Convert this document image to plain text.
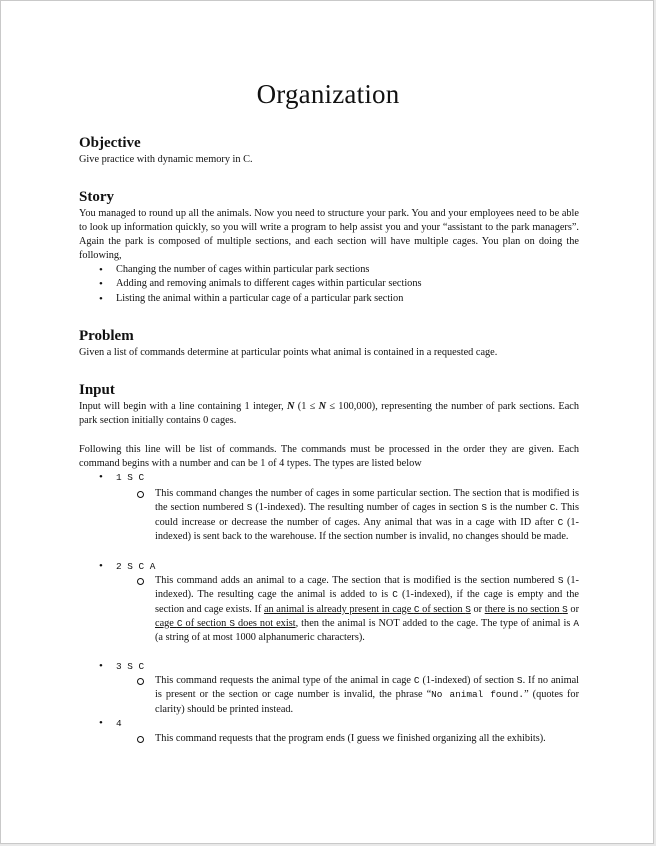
Organization
Objective
Give practice with dynamic memory in C.
Story
You managed to round up all the animals. Now you need to structure your park. You and your employees need to be able to look up information quickly, so you will write a program to help assist you and your “assistant to the park managers”. Again the park is composed of multiple sections, and each section will have multiple cages. You plan on doing the following,
• Changing the number of cages within particular park sections
• Adding and removing animals to different cages within particular sections
• Listing the animal within a particular cage of a particular park section
Problem
Given a list of commands determine at particular points what animal is contained in a requested cage.
Input
Input will begin with a line containing 1 integer, N (1 ≤ N ≤ 100,000), representing the number of park sections. Each park section initially contains 0 cages.
Following this line will be list of commands. The commands must be processed in the order they are given. Each command begins with a number and can be 1 of 4 types. The types are listed below
• 1 S C
This command changes the number of cages in some particular section. The section that is modified is the section numbered S (1-indexed). The resulting number of cages in section S is the number C. This could increase or decrease the number of cages. Any animal that was in a cage with ID after C (1-indexed) is sent back to the warehouse. If the section number is invalid, no changes should be made.
• 2 S C A
This command adds an animal to a cage. The section that is modified is the section numbered S (1-indexed). The resulting cage the animal is added to is C (1-indexed), if the cage is empty and the section and cage exists. If an animal is already present in cage C of section S or there is no section S or cage C of section S does not exist, then the animal is NOT added to the cage. The type of animal is A (a string of at most 1000 alphanumeric characters).
• 3 S C
This command requests the animal type of the animal in cage C (1-indexed) of section S. If no animal is present or the section or cage number is invalid, the phrase “No animal found.” (quotes for clarity) should be printed instead.
• 4
This command requests that the program ends (I guess we finished organizing all the exhibits).
